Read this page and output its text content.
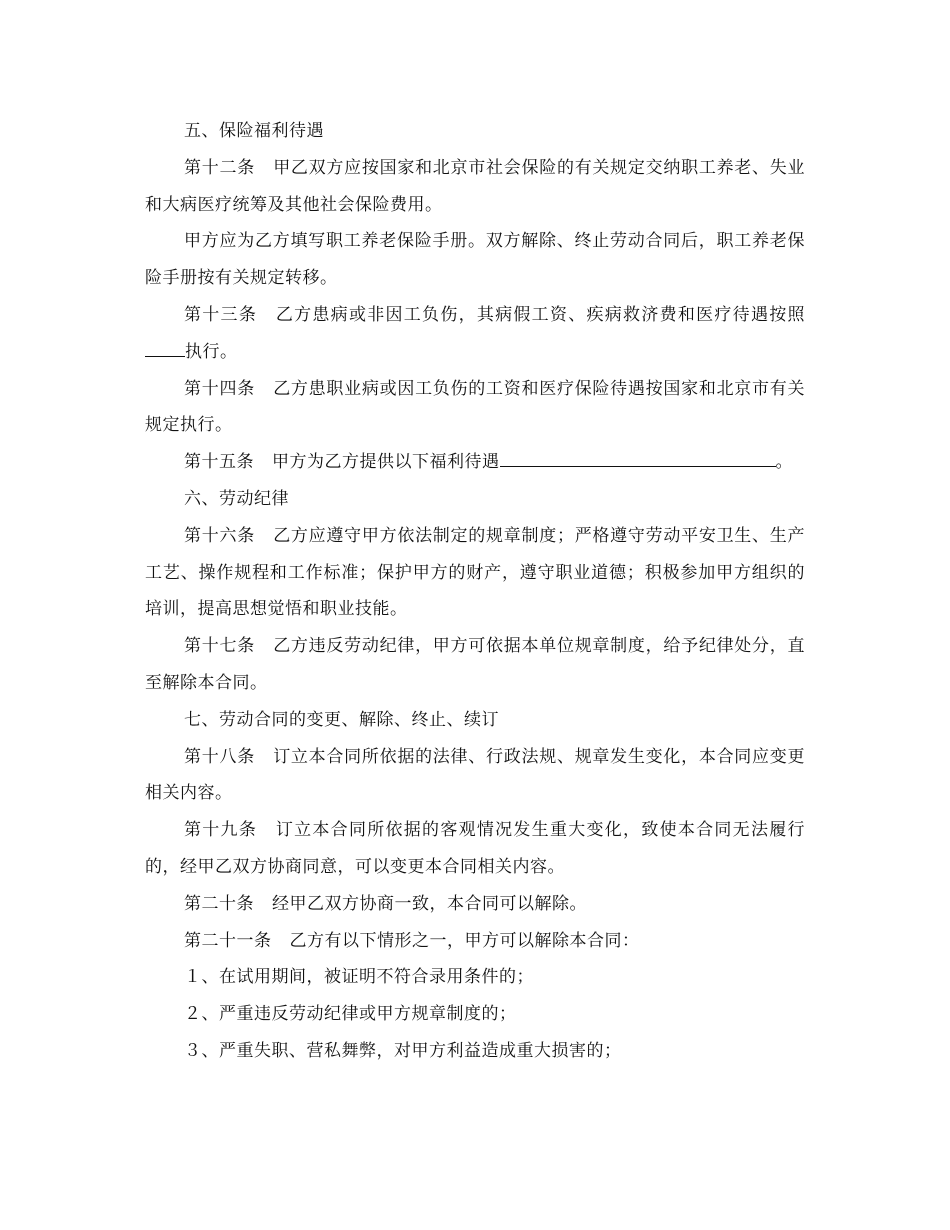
五、保险福利待遇

第十二条 甲乙双方应按国家和北京市社会保险的有关规定交纳职工养老、失业和大病医疗统筹及其他社会保险费用。

甲方应为乙方填写职工养老保险手册。双方解除、终止劳动合同后，职工养老保险手册按有关规定转移。

第十三条 乙方患病或非因工负伤，其病假工资、疾病救济费和医疗待遇按照执行。

第十四条 乙方患职业病或因工负伤的工资和医疗保险待遇按国家和北京市有关规定执行。

第十五条 甲方为乙方提供以下福利待遇	。

六、劳动纪律

第十六条 乙方应遵守甲方依法制定的规章制度；严格遵守劳动平安卫生、生产工艺、操作规程和工作标准；保护甲方的财产，遵守职业道德；积极参加甲方组织的培训，提高思想觉悟和职业技能。

第十七条 乙方违反劳动纪律，甲方可依据本单位规章制度，给予纪律处分，直至解除本合同。

七、劳动合同的变更、解除、终止、续订

第十八条 订立本合同所依据的法律、行政法规、规章发生变化，本合同应变更相关内容。

第十九条 订立本合同所依据的客观情况发生重大变化，致使本合同无法履行的，经甲乙双方协商同意，可以变更本合同相关内容。

第二十条 经甲乙双方协商一致，本合同可以解除。

第二十一条 乙方有以下情形之一，甲方可以解除本合同：

１、在试用期间，被证明不符合录用条件的；

２、严重违反劳动纪律或甲方规章制度的；

３、严重失职、营私舞弊，对甲方利益造成重大损害的；
